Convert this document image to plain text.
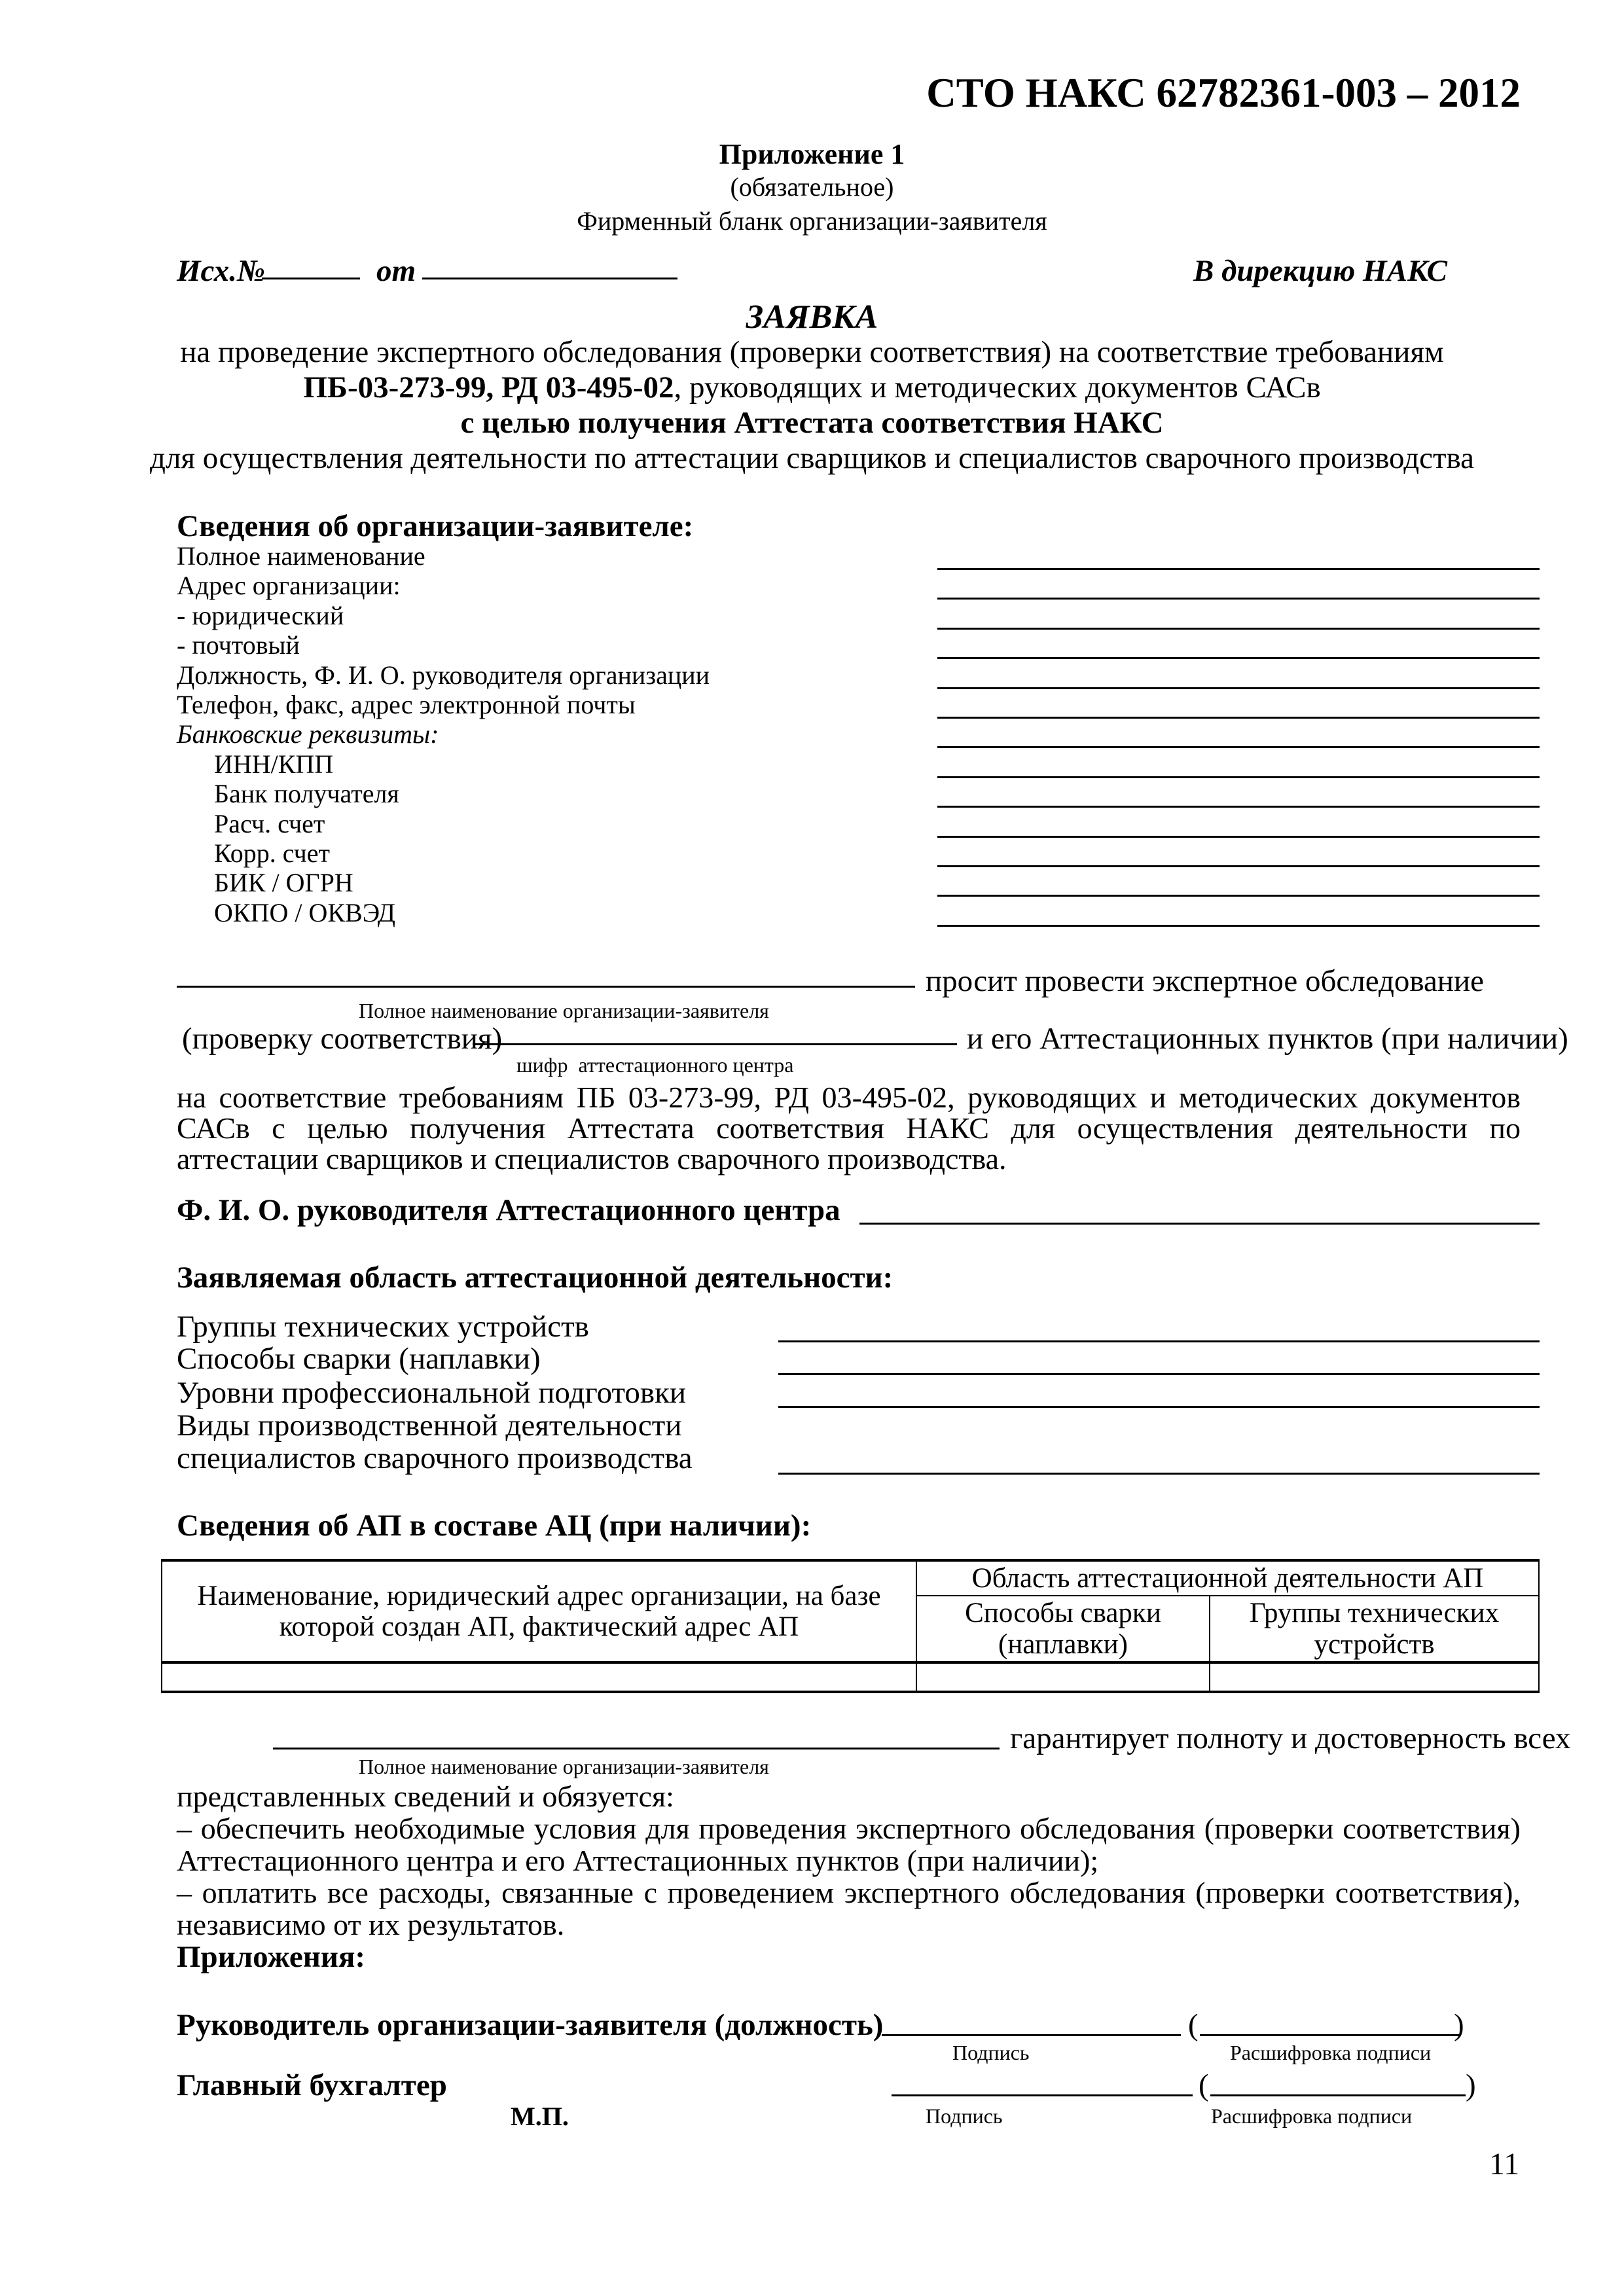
СТО НАКС 62782361-003 – 2012
Приложение 1
(обязательное)
Фирменный бланк организации-заявителя
Исх.№	от	В дирекцию НАКС
ЗАЯВКА
на проведение экспертного обследования (проверки соответствия) на соответствие требованиям
ПБ-03-273-99, РД 03-495-02, руководящих и методических документов САСв
с целью получения Аттестата соответствия НАКС
для осуществления деятельности по аттестации сварщиков и специалистов сварочного производства
Сведения об организации-заявителе:
Полное наименование
Адрес организации:
- юридический
- почтовый
Должность, Ф. И. О. руководителя организации
Телефон, факс, адрес электронной почты
Банковские реквизиты:
ИНН/КПП
Банк получателя
Расч. счет
Корр. счет
БИК / ОГРН
ОКПО / ОКВЭД
просит провести экспертное обследование
Полное наименование организации-заявителя
(проверку соответствия)	и его Аттестационных пунктов (при наличии)
шифр  аттестационного центра
на соответствие требованиям ПБ 03-273-99, РД 03-495-02, руководящих и методических документов САСв с целью получения Аттестата соответствия НАКС для осуществления деятельности по аттестации сварщиков и специалистов сварочного производства.
Ф. И. О. руководителя Аттестационного центра
Заявляемая область аттестационной деятельности:
Группы технических устройств
Способы сварки (наплавки)
Уровни профессиональной подготовки
Виды производственной деятельности
специалистов сварочного производства
Сведения об АП в составе АЦ (при наличии):
Наименование, юридический адрес организации, на базе которой создан АП, фактический адрес АП	Область аттестационной деятельности АП	
	Способы сварки (наплавки)	Группы технических устройств

гарантирует полноту и достоверность всех
Полное наименование организации-заявителя
представленных сведений и обязуется:
– обеспечить необходимые условия для проведения экспертного обследования (проверки соответствия) Аттестационного центра и его Аттестационных пунктов (при наличии);
– оплатить все расходы, связанные с проведением экспертного обследования (проверки соответствия), независимо от их результатов.
Приложения:
Руководитель организации-заявителя (должность)	(	)
Подпись	Расшифровка подписи
Главный бухгалтер	(	)
М.П.	Подпись	Расшифровка подписи
11
